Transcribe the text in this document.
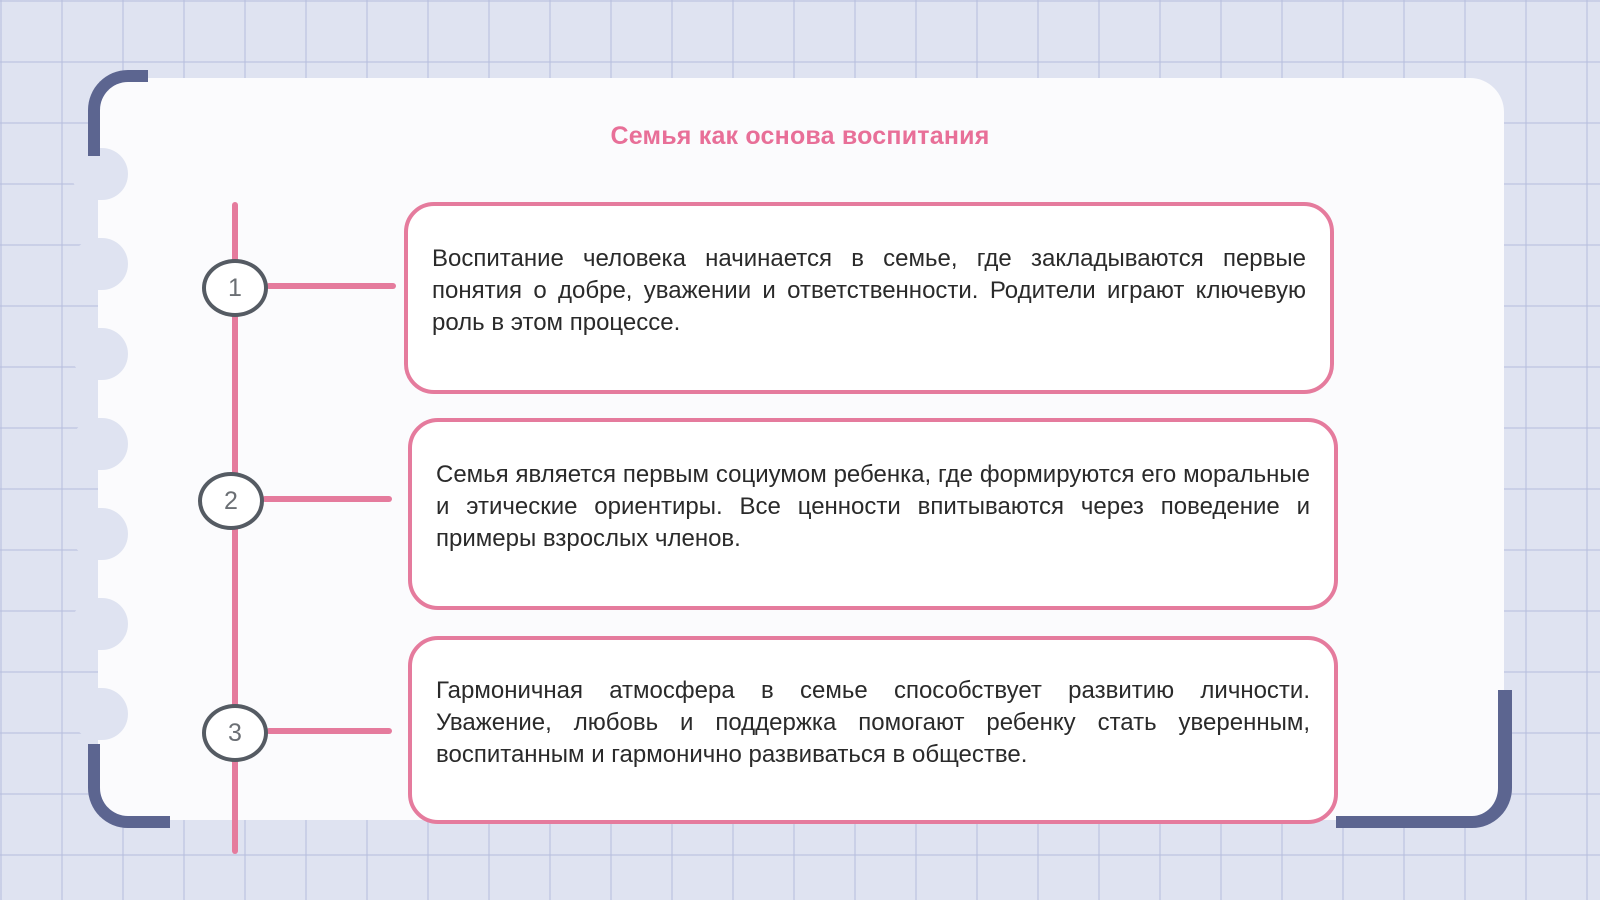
Семья как основа воспитания
1

Воспитание человека начинается в семье, где закладываются первые понятия о добре, уважении и ответственности. Родители играют ключевую роль в этом процессе.

2

Семья является первым социумом ребенка, где формируются его моральные и этические ориентиры. Все ценности впитываются через поведение и примеры взрослых членов.

3

Гармоничная атмосфера в семье способствует развитию личности. Уважение, любовь и поддержка помогают ребенку стать уверенным, воспитанным и гармонично развиваться в обществе.
